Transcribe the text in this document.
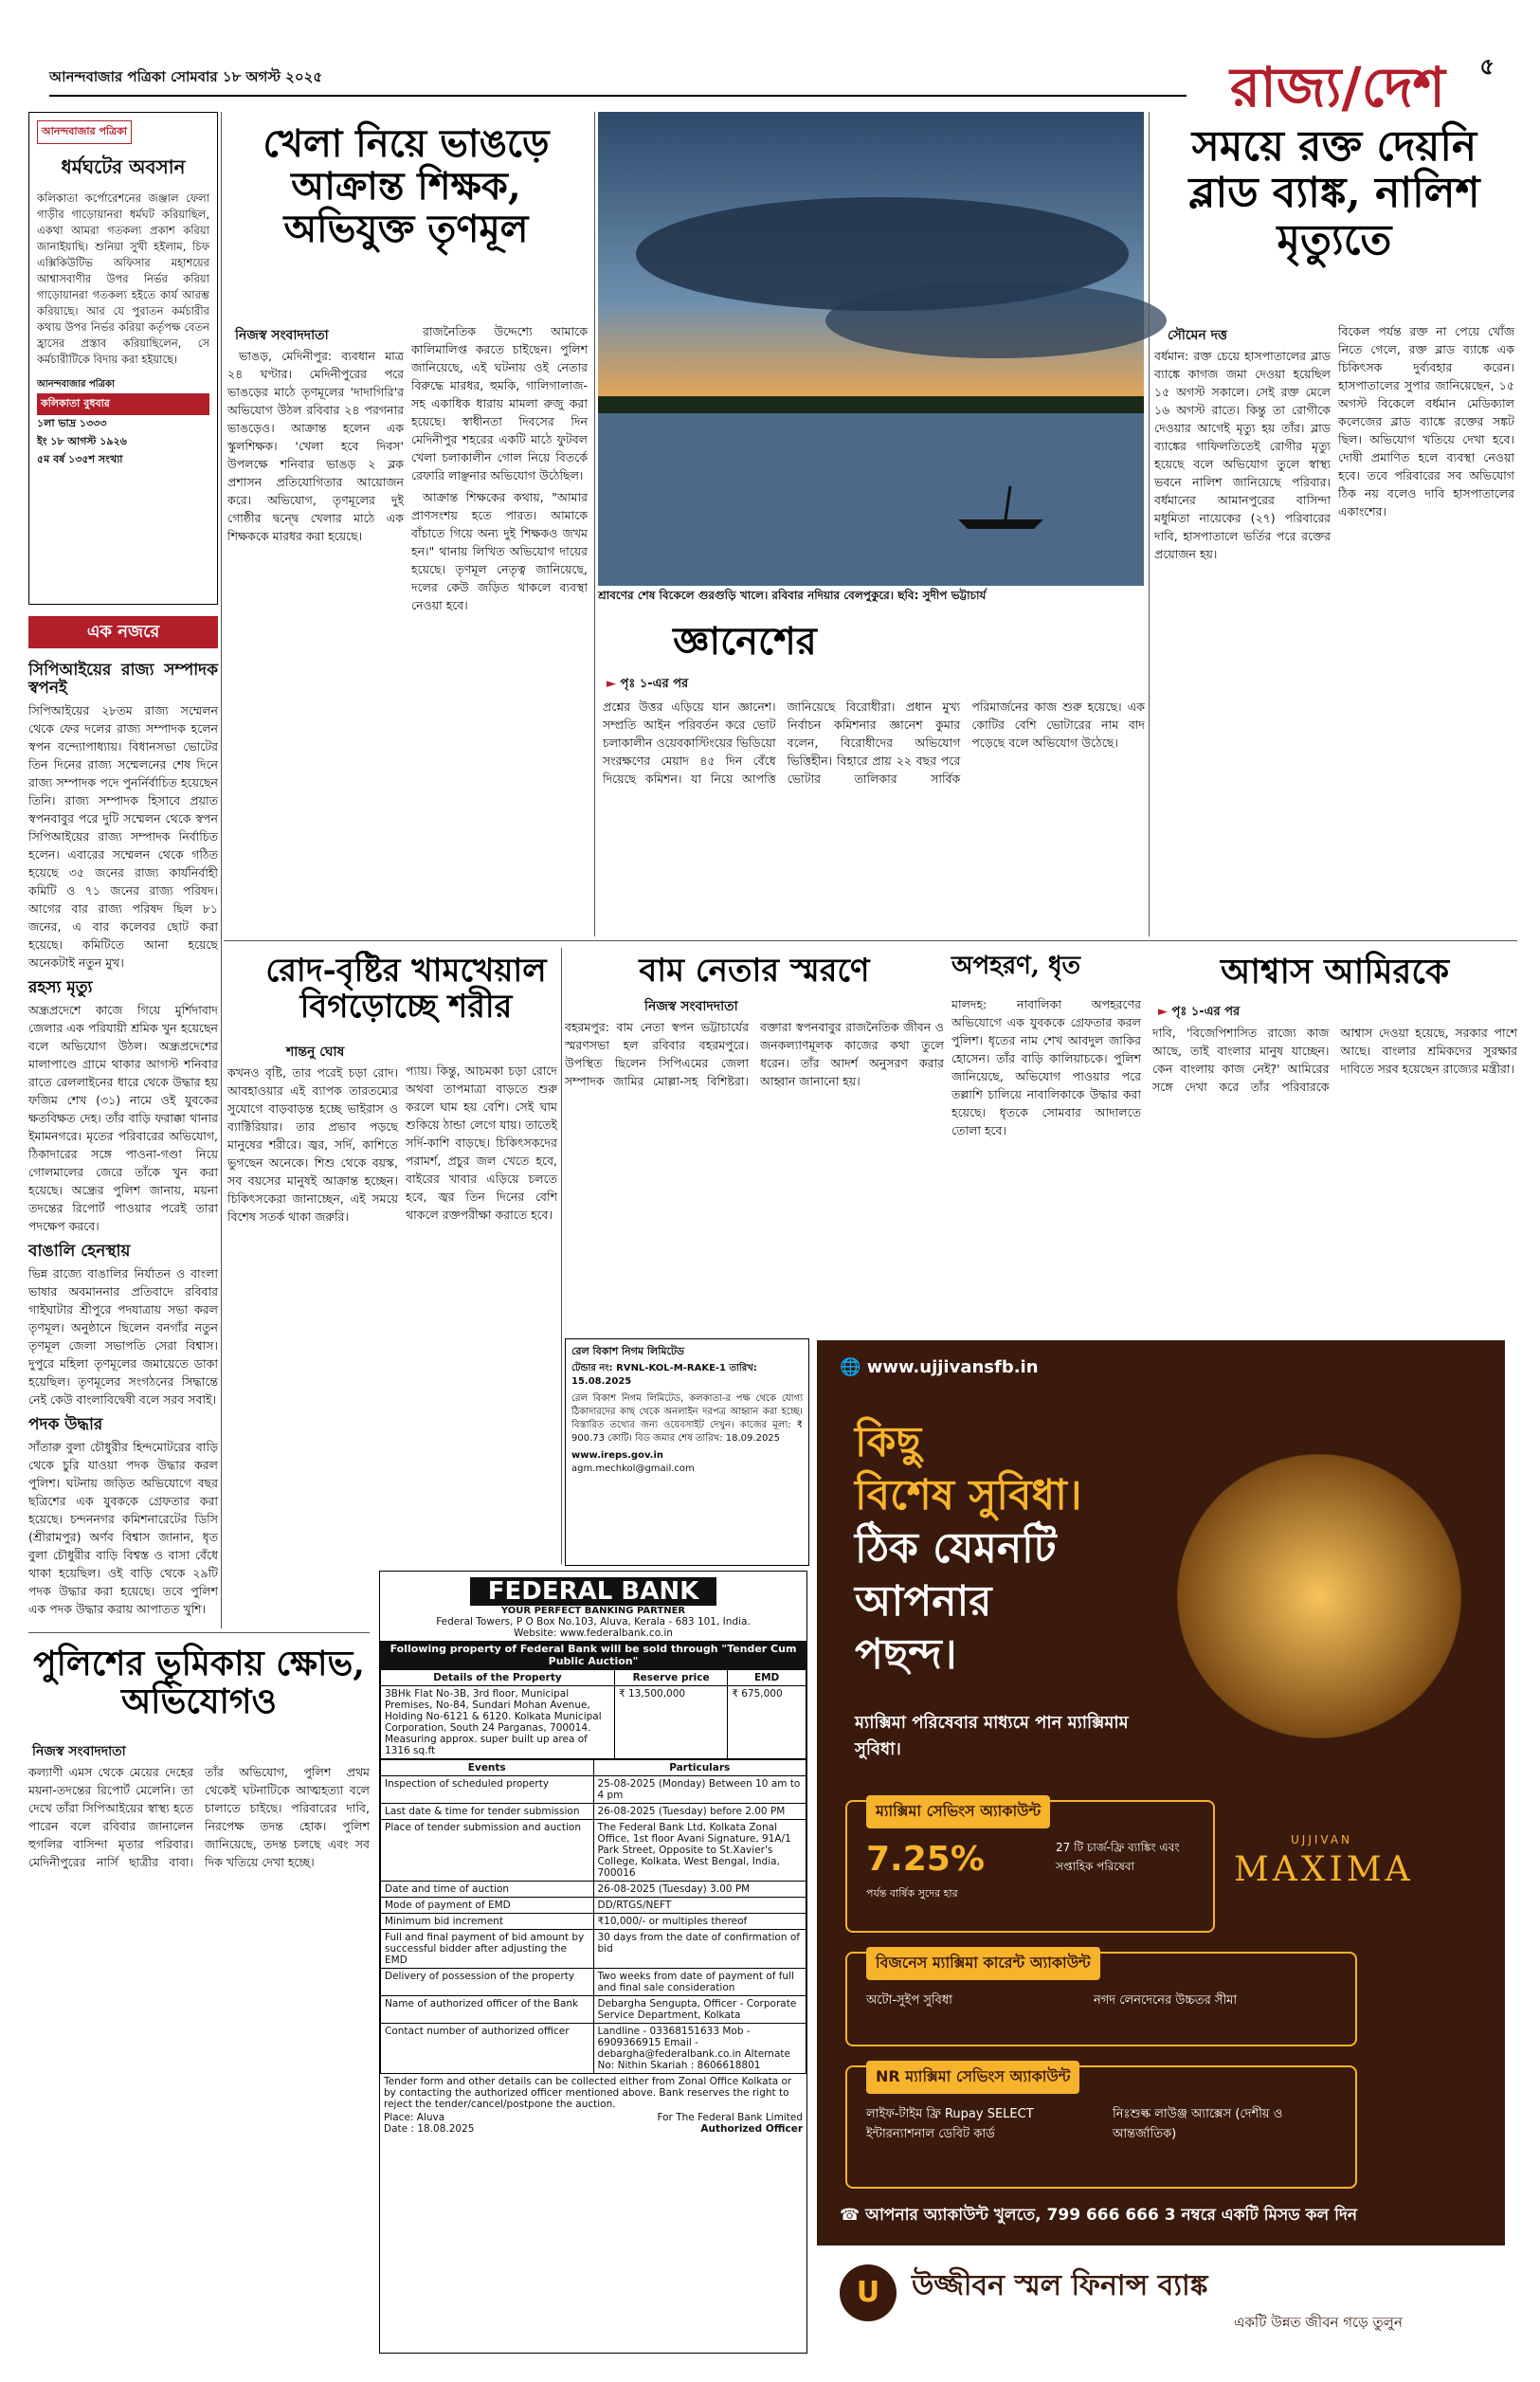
আনন্দবাজার পত্রিকা সোমবার ১৮ অগস্ট ২০২৫	রাজ্য/দেশ ৫
আনন্দবাজার পত্রিকা
ধর্মঘটের অবসান
কলিকাতা কর্পোরেশনের জঞ্জাল ফেলা গাড়ীর গাড়োয়ানরা ধর্মঘট করিয়াছিল, একথা আমরা গতকল্য প্রকাশ করিয়া জানাইয়াছি। শুনিয়া সুখী হইলাম, চিফ এক্সিকিউটিভ অফিসার মহাশয়ের আশ্বাসবাণীর উপর নির্ভর করিয়া গাড়োয়ানরা গতকল্য হইতে কার্য আরম্ভ করিয়াছে। আর যে পুরাতন কর্মচারীর কথায় উপর নির্ভর করিয়া কর্তৃপক্ষ বেতন হ্রাসের প্রস্তাব করিয়াছিলেন, সে কর্মচারীটিকে বিদায় করা হইয়াছে।
আনন্দবাজার পত্রিকা
কলিকাতা বুধবার
১লা ভাদ্র ১৩৩৩
ইং ১৮ আগস্ট ১৯২৬
৫ম বর্ষ ১৩৫শ সংখ্যা
এক নজরে
সিপিআইয়ের রাজ্য সম্পাদক স্বপনই
সিপিআইয়ের ২৮তম রাজ্য সম্মেলন থেকে ফের দলের রাজ্য সম্পাদক হলেন স্বপন বন্দ্যোপাধ্যায়। বিধানসভা ভোটের তিন দিনের রাজ্য সম্মেলনের শেষ দিনে রাজ্য সম্পাদক পদে পুনর্নির্বাচিত হয়েছেন তিনি। রাজ্য সম্পাদক হিসাবে প্রয়াত স্বপনবাবুর পরে দুটি সম্মেলন থেকে স্বপন সিপিআইয়ের রাজ্য সম্পাদক নির্বাচিত হলেন। এবারের সম্মেলন থেকে গঠিত হয়েছে ৩৫ জনের রাজ্য কার্যনির্বাহী কমিটি ও ৭১ জনের রাজ্য পরিষদ। আগের বার রাজ্য পরিষদ ছিল ৮১ জনের, এ বার কলেবর ছোট করা হয়েছে। কমিটিতে আনা হয়েছে অনেকটাই নতুন মুখ।
রহস্য মৃত্যু
অন্ধ্রপ্রদেশে কাজে গিয়ে মুর্শিদাবাদ জেলার এক পরিযায়ী শ্রমিক খুন হয়েছেন বলে অভিযোগ উঠল। অন্ধ্রপ্রদেশের মালাপাণ্ডে গ্রামে থাকার আগস্ট শনিবার রাতে রেললাইনের ধারে থেকে উদ্ধার হয় ফজিম শেখ (৩১) নামে ওই যুবকের ক্ষতবিক্ষত দেহ। তাঁর বাড়ি ফরাক্কা থানার ইমামনগরে। মৃতের পরিবারের অভিযোগ, ঠিকাদারের সঙ্গে পাওনা-গণ্ডা নিয়ে গোলমালের জেরে তাঁকে খুন করা হয়েছে। অন্ধ্রের পুলিশ জানায়, ময়না তদন্তের রিপোর্ট পাওয়ার পরেই তারা পদক্ষেপ করবে।
বাঙালি হেনস্থায়
ভিন্ন রাজ্যে বাঙালির নির্যাতন ও বাংলা ভাষার অবমাননার প্রতিবাদে রবিবার গাইঘাটার শ্রীপুরে পদযাত্রায় সভা করল তৃণমূল। অনুষ্ঠানে ছিলেন বনগাঁর নতুন তৃণমূল জেলা সভাপতি সেরা বিশ্বাস। দুপুরে মহিলা তৃণমূলের জমায়েতে ডাকা হয়েছিল। তৃণমূলের সংগঠনের সিদ্ধান্তে নেই কেউ বাংলাবিদ্বেষী বলে সরব সবাই।
পদক উদ্ধার
সাঁতারু বুলা চৌধুরীর হিন্দমোটরের বাড়ি থেকে চুরি যাওয়া পদক উদ্ধার করল পুলিশ। ঘটনায় জড়িত অভিযোগে বছর ছত্রিশের এক যুবককে গ্রেফতার করা হয়েছে। চন্দননগর কমিশনারেটের ডিসি (শ্রীরামপুর) অর্ণব বিশ্বাস জানান, ধৃত বুলা চৌধুরীর বাড়ি বিশ্বস্ত ও বাসা বেঁধে থাকা হয়েছিল। ওই বাড়ি থেকে ২৯টি পদক উদ্ধার করা হয়েছে। তবে পুলিশ এক পদক উদ্ধার করায় আপাতত খুশি।
খেলা নিয়ে ভাঙড়ে আক্রান্ত শিক্ষক, অভিযুক্ত তৃণমূল
নিজস্ব সংবাদদাতা

ভাঙড়, মেদিনীপুর: ব্যবধান মাত্র ২৪ ঘণ্টার। মেদিনীপুরের পরে ভাঙড়ের মাঠে তৃণমূলের 'দাদাগিরি'র অভিযোগ উঠল রবিবার ২৪ পরগনার ভাঙড়েও। আক্রান্ত হলেন এক স্কুলশিক্ষক। 'খেলা হবে দিবস' উপলক্ষে শনিবার ভাঙড় ২ ব্লক প্রশাসন প্রতিযোগিতার আয়োজন করে। অভিযোগ, তৃণমূলের দুই গোষ্ঠীর দ্বন্দ্বে খেলার মাঠে এক শিক্ষককে মারধর করা হয়েছে।

রাজনৈতিক উদ্দেশ্যে আমাকে কালিমালিপ্ত করতে চাইছেন। পুলিশ জানিয়েছে, এই ঘটনায় ওই নেতার বিরুদ্ধে মারধর, হুমকি, গালিগালাজ-সহ একাধিক ধারায় মামলা রুজু করা হয়েছে। স্বাধীনতা দিবসের দিন মেদিনীপুর শহরের একটি মাঠে ফুটবল খেলা চলাকালীন গোল নিয়ে বিতর্কে রেফারি লাঞ্ছনার অভিযোগ উঠেছিল।

আক্রান্ত শিক্ষকের কথায়, "আমার প্রাণসংশয় হতে পারত। আমাকে বাঁচাতে গিয়ে অন্য দুই শিক্ষকও জখম হন।" থানায় লিখিত অভিযোগ দায়ের হয়েছে। তৃণমূল নেতৃত্ব জানিয়েছে, দলের কেউ জড়িত থাকলে ব্যবস্থা নেওয়া হবে।

শ্রাবণের শেষ বিকেলে গুরগুড়ি খালে। রবিবার নদিয়ার বেলপুকুরে। ছবি: সুদীপ ভট্টাচার্য
জ্ঞানেশের
► পৃঃ ১-এর পর
প্রশ্নের উত্তর এড়িয়ে যান জ্ঞানেশ। সম্প্রতি আইন পরিবর্তন করে ভোট চলাকালীন ওয়েবকাস্টিংয়ের ভিডিয়ো সংরক্ষণের মেয়াদ ৪৫ দিন বেঁধে দিয়েছে কমিশন। যা নিয়ে আপত্তি জানিয়েছে বিরোধীরা। প্রধান মুখ্য নির্বাচন কমিশনার জ্ঞানেশ কুমার বলেন, বিরোধীদের অভিযোগ ভিত্তিহীন। বিহারে প্রায় ২২ বছর পরে ভোটার তালিকার সার্বিক পরিমার্জনের কাজ শুরু হয়েছে। এক কোটির বেশি ভোটারের নাম বাদ পড়েছে বলে অভিযোগ উঠেছে।
সময়ে রক্ত দেয়নি ব্লাড ব্যাঙ্ক, নালিশ মৃত্যুতে
সৌমেন দত্ত
বর্ধমান: রক্ত চেয়ে হাসপাতালের ব্লাড ব্যাঙ্কে কাগজ জমা দেওয়া হয়েছিল ১৫ অগস্ট সকালে। সেই রক্ত মেলে ১৬ অগস্ট রাতে। কিন্তু তা রোগীকে দেওয়ার আগেই মৃত্যু হয় তাঁর। ব্লাড ব্যাঙ্কের গাফিলতিতেই রোগীর মৃত্যু হয়েছে বলে অভিযোগ তুলে স্বাস্থ্য ভবনে নালিশ জানিয়েছে পরিবার। বর্ধমানের আমানপুরের বাসিন্দা মধুমিতা নায়েকের (২৭) পরিবারের দাবি, হাসপাতালে ভর্তির পরে রক্তের প্রয়োজন হয়।
বিকেল পর্যন্ত রক্ত না পেয়ে খোঁজ নিতে গেলে, রক্ত ব্লাড ব্যাঙ্কে এক চিকিৎসক দুর্ব্যবহার করেন। হাসপাতালের সুপার জানিয়েছেন, ১৫ অগস্ট বিকেলে বর্ধমান মেডিক্যাল কলেজের ব্লাড ব্যাঙ্কে রক্তের সঙ্কট ছিল। অভিযোগ খতিয়ে দেখা হবে। দোষী প্রমাণিত হলে ব্যবস্থা নেওয়া হবে। তবে পরিবারের সব অভিযোগ ঠিক নয় বলেও দাবি হাসপাতালের একাংশের।
রোদ-বৃষ্টির খামখেয়াল বিগড়োচ্ছে শরীর
শান্তনু ঘোষ
কখনও বৃষ্টি, তার পরেই চড়া রোদ। আবহাওয়ার এই ব্যাপক তারতম্যের সুযোগে বাড়বাড়ন্ত হচ্ছে ভাইরাস ও ব্যাক্টিরিয়ার। তার প্রভাব পড়ছে মানুষের শরীরে। জ্বর, সর্দি, কাশিতে ভুগছেন অনেকে। শিশু থেকে বয়স্ক, সব বয়সের মানুষই আক্রান্ত হচ্ছেন। চিকিৎসকেরা জানাচ্ছেন, এই সময়ে বিশেষ সতর্ক থাকা জরুরি।
প্যায়। কিন্তু, আচমকা চড়া রোদে অথবা তাপমাত্রা বাড়তে শুরু করলে ঘাম হয় বেশি। সেই ঘাম শুকিয়ে ঠান্ডা লেগে যায়। তাতেই সর্দি-কাশি বাড়ছে। চিকিৎসকদের পরামর্শ, প্রচুর জল খেতে হবে, বাইরের খাবার এড়িয়ে চলতে হবে, জ্বর তিন দিনের বেশি থাকলে রক্তপরীক্ষা করাতে হবে।
বাম নেতার স্মরণে
নিজস্ব সংবাদদাতা
বহরমপুর: বাম নেতা স্বপন ভট্টাচার্যের স্মরণসভা হল রবিবার বহরমপুরে। উপস্থিত ছিলেন সিপিএমের জেলা সম্পাদক জামির মোল্লা-সহ বিশিষ্টরা। বক্তারা স্বপনবাবুর রাজনৈতিক জীবন ও জনকল্যাণমূলক কাজের কথা তুলে ধরেন। তাঁর আদর্শ অনুসরণ করার আহ্বান জানানো হয়।
অপহরণ, ধৃত
মালদহ: নাবালিকা অপহরণের অভিযোগে এক যুবককে গ্রেফতার করল পুলিশ। ধৃতের নাম শেখ আবদুল জাকির হোসেন। তাঁর বাড়ি কালিয়াচকে। পুলিশ জানিয়েছে, অভিযোগ পাওয়ার পরে তল্লাশি চালিয়ে নাবালিকাকে উদ্ধার করা হয়েছে। ধৃতকে সোমবার আদালতে তোলা হবে।
আশ্বাস আমিরকে
► পৃঃ ১-এর পর
দাবি, 'বিজেপিশাসিত রাজ্যে কাজ আছে, তাই বাংলার মানুষ যাচ্ছেন। কেন বাংলায় কাজ নেই?' আমিরের সঙ্গে দেখা করে তাঁর পরিবারকে আশ্বাস দেওয়া হয়েছে, সরকার পাশে আছে। বাংলার শ্রমিকদের সুরক্ষার দাবিতে সরব হয়েছেন রাজ্যের মন্ত্রীরা।
পুলিশের ভূমিকায় ক্ষোভ, অভিযোগও
নিজস্ব সংবাদদাতা
কল্যাণী এমস থেকে মেয়ের দেহের ময়না-তদন্তের রিপোর্ট মেলেনি। তা দেখে তাঁরা সিপিআইয়ের স্বাস্থ্য হতে পারেন বলে রবিবার জানালেন হুগলির বাসিন্দা মৃতার পরিবার। মেদিনীপুরের নার্সি ছাত্রীর বাবা। তাঁর অভিযোগ, পুলিশ প্রথম থেকেই ঘটনাটিকে আত্মহত্যা বলে চালাতে চাইছে। পরিবারের দাবি, নিরপেক্ষ তদন্ত হোক। পুলিশ জানিয়েছে, তদন্ত চলছে এবং সব দিক খতিয়ে দেখা হচ্ছে।
রেল বিকাশ নিগম লিমিটেড
টেন্ডার নং: RVNL-KOL-M-RAKE-1 তারিখ: 15.08.2025
রেল বিকাশ নিগম লিমিটেড, কলকাতা-র পক্ষ থেকে যোগ্য ঠিকাদারদের কাছ থেকে অনলাইন দরপত্র আহ্বান করা হচ্ছে। বিস্তারিত তথ্যের জন্য ওয়েবসাইট দেখুন। কাজের মূল্য: ₹ 900.73 কোটি। বিড জমার শেষ তারিখ: 18.09.2025
www.ireps.gov.in
agm.mechkol@gmail.com
FEDERAL BANK
YOUR PERFECT BANKING PARTNER
Federal Towers, P O Box No.103, Aluva, Kerala - 683 101, India.
Website: www.federalbank.co.in
Following property of Federal Bank will be sold through "Tender Cum Public Auction"
Details of the Property	Reserve price	EMD
3BHk Flat No-3B, 3rd floor, Municipal Premises, No-84, Sundari Mohan Avenue, Holding No-6121 & 6120. Kolkata Municipal Corporation, South 24 Parganas, 700014. Measuring approx. super built up area of 1316 sq.ft	₹ 13,500,000	₹ 675,000
Events	Particulars
Inspection of scheduled property	25-08-2025 (Monday) Between 10 am to 4 pm
Last date & time for tender submission	26-08-2025 (Tuesday) before 2.00 PM
Place of tender submission and auction	The Federal Bank Ltd, Kolkata Zonal Office, 1st floor Avani Signature, 91A/1 Park Street, Opposite to St.Xavier's College, Kolkata, West Bengal, India, 700016
Date and time of auction	26-08-2025 (Tuesday) 3.00 PM
Mode of payment of EMD	DD/RTGS/NEFT
Minimum bid increment	₹10,000/- or multiples thereof
Full and final payment of bid amount by successful bidder after adjusting the EMD	30 days from the date of confirmation of bid
Delivery of possession of the property	Two weeks from date of payment of full and final sale consideration
Name of authorized officer of the Bank	Debargha Sengupta, Officer - Corporate Service Department, Kolkata
Contact number of authorized officer	Landline - 03368151633 Mob - 6909366915 Email - debargha@federalbank.co.in Alternate No: Nithin Skariah : 8606618801
Tender form and other details can be collected either from Zonal Office Kolkata or by contacting the authorized officer mentioned above. Bank reserves the right to reject the tender/cancel/postpone the auction.
Place: Aluva	For The Federal Bank Limited
Date : 18.08.2025	Authorized Officer
🌐 www.ujjivansfb.in
কিছু
বিশেষ সুবিধা।
ঠিক যেমনটি
আপনার
পছন্দ।
ম্যাক্সিমা পরিষেবার মাধ্যমে পান ম্যাক্সিমাম সুবিধা।
UJJIVAN
MAXIMA
ম্যাক্সিমা সেভিংস অ্যাকাউন্ট
7.25%
পর্যন্ত বার্ষিক সুদের হার
27 টি চার্জ-ফ্রি ব্যাঙ্কিং এবং সপ্তাহিক পরিষেবা
বিজনেস ম্যাক্সিমা কারেন্ট অ্যাকাউন্ট
অটো-সুইপ সুবিধা	নগদ লেনদেনের উচ্চতর সীমা
NR ম্যাক্সিমা সেভিংস অ্যাকাউন্ট
লাইফ-টাইম ফ্রি Rupay SELECT ইন্টারন্যাশনাল ডেবিট কার্ড
নিঃশুল্ক লাউঞ্জ অ্যাক্সেস (দেশীয় ও আন্তর্জাতিক)
☎ আপনার অ্যাকাউন্ট খুলতে, 799 666 666 3 নম্বরে একটি মিসড কল দিন
U	উজ্জীবন স্মল ফিনান্স ব্যাঙ্ক
একটি উন্নত জীবন গড়ে তুলুন
